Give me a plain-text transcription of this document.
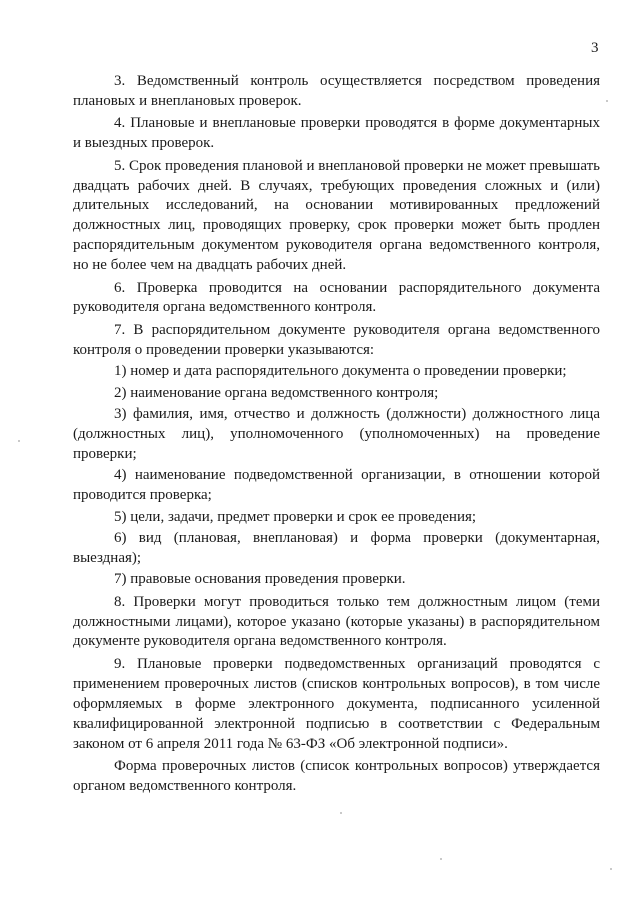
3

3. Ведомственный контроль осуществляется посредством проведения плановых и внеплановых проверок.

4. Плановые и внеплановые проверки проводятся в форме документарных и выездных проверок.

5. Срок проведения плановой и внеплановой проверки не может превышать двадцать рабочих дней. В случаях, требующих проведения сложных и (или) длительных исследований, на основании мотивированных предложений должностных лиц, проводящих проверку, срок проверки может быть продлен распорядительным документом руководителя органа ведомственного контроля, но не более чем на двадцать рабочих дней.

6. Проверка проводится на основании распорядительного документа руководителя органа ведомственного контроля.

7. В распорядительном документе руководителя органа ведомственного контроля о проведении проверки указываются:

1) номер и дата распорядительного документа о проведении проверки;

2) наименование органа ведомственного контроля;

3) фамилия, имя, отчество и должность (должности) должностного лица (должностных лиц), уполномоченного (уполномоченных) на проведение проверки;

4) наименование подведомственной организации, в отношении которой проводится проверка;

5) цели, задачи, предмет проверки и срок ее проведения;

6) вид (плановая, внеплановая) и форма проверки (документарная, выездная);

7) правовые основания проведения проверки.

8. Проверки могут проводиться только тем должностным лицом (теми должностными лицами), которое указано (которые указаны) в распорядительном документе руководителя органа ведомственного контроля.

9. Плановые проверки подведомственных организаций проводятся с применением проверочных листов (списков контрольных вопросов), в том числе оформляемых в форме электронного документа, подписанного усиленной квалифицированной электронной подписью в соответствии с Федеральным законом от 6 апреля 2011 года № 63-ФЗ «Об электронной подписи».

Форма проверочных листов (список контрольных вопросов) утверждается органом ведомственного контроля.
